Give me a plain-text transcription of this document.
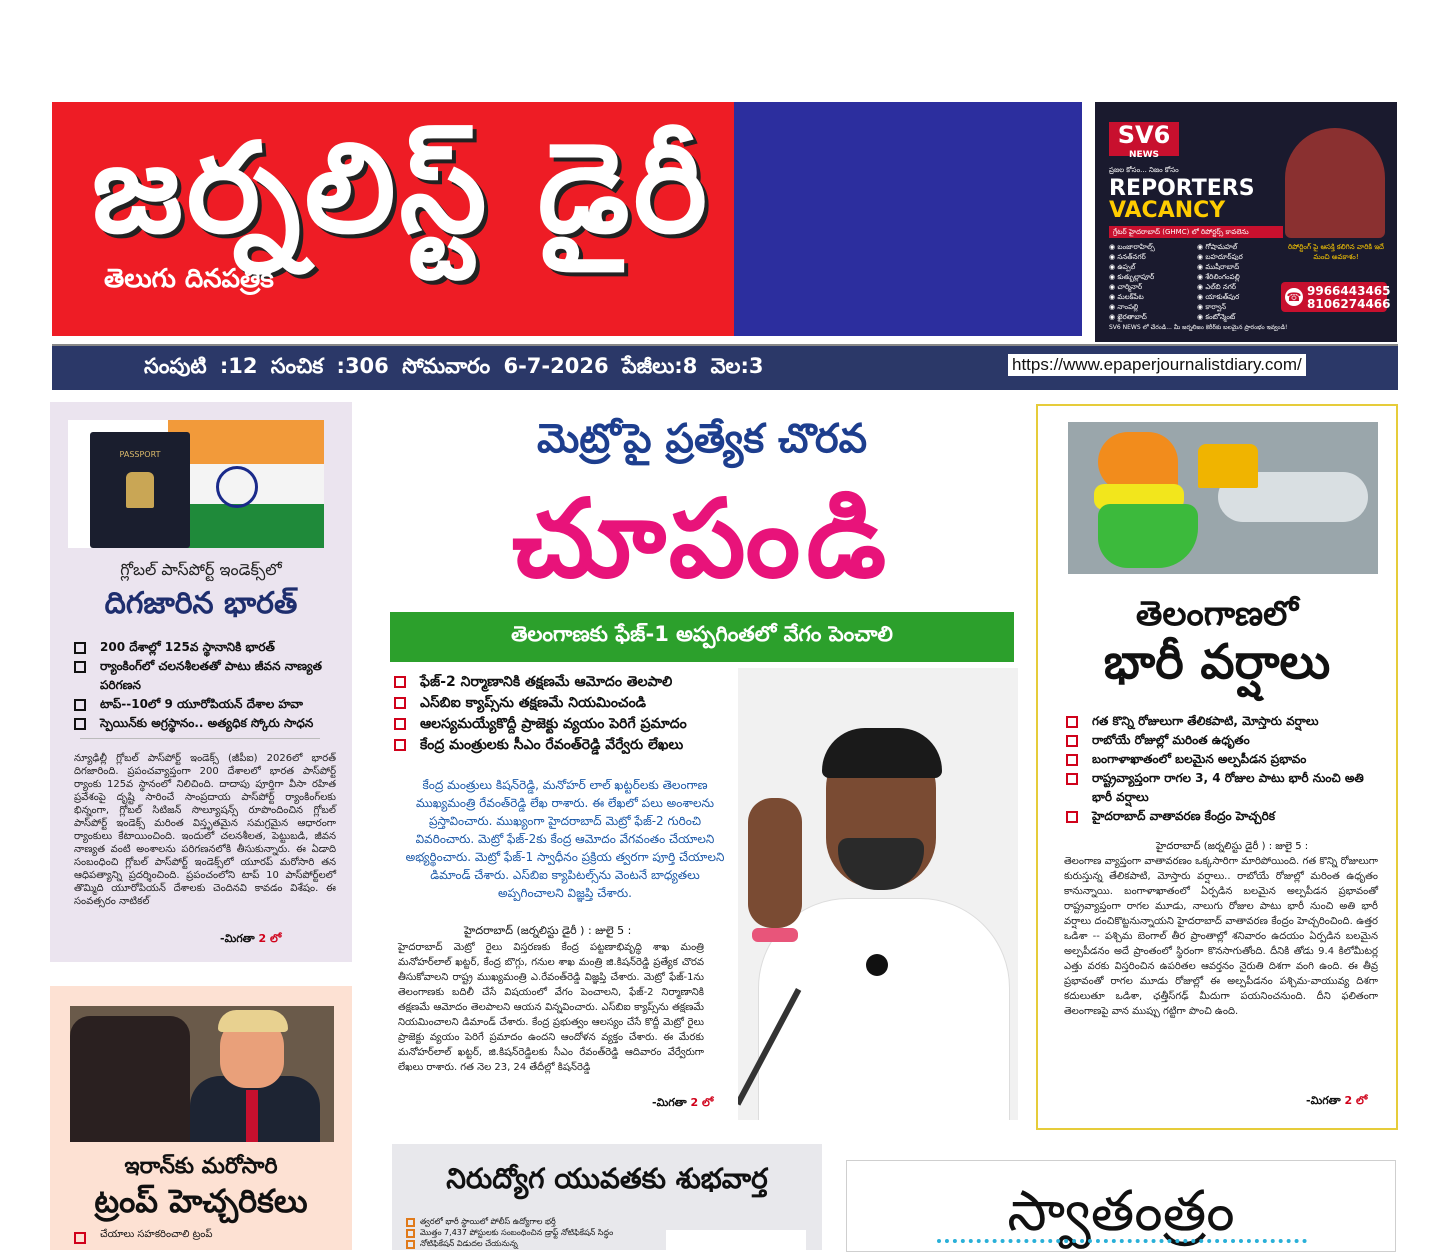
జర్నలిస్ట్ డైరీ
తెలుగు దినపత్రిక
SV6
NEWS
ప్రజల కోసం... నిజం కోసం
REPORTERS
VACANCY
గ్రేటర్ హైదరాబాద్ (GHMC) లో రిపోర్టర్స్ కావలెను
◉ బంజారాహిల్స్	◉ గోషామహల్◉ సనత్‌నగర్	◉ బహదూర్‌పుర◉ ఉప్పల్	◉ ముషీరాబాద్◉ కుత్బుల్లాపూర్	◉ శేరిలింగంపల్లి◉ చార్మినార్	◉ ఎల్‌బి నగర్◉ మలక్‌పేట	◉ యాకుత్‌పుర◉ నాంపల్లి	◉ కార్వాన్◉ ఖైరతాబాద్	◉ కంటోన్మెంట్
రిపోర్టింగ్ పై ఆసక్తి కలిగిన వారికి ఇదే మంచి అవకాశం!
☎ 9966443465
8106274466
SV6 NEWS లో చేరండి... మీ జర్నలిజం కెరీర్‌కు బలమైన ప్రారంభం ఇవ్వండి!
సంపుటి :12 సంచిక :306 సోమవారం 6-7-2026 పేజీలు:8 వెల:3	https://www.epaperjournalistdiary.com/
PASSPORT
గ్లోబల్ పాస్‌పోర్ట్ ఇండెక్స్‌లో
దిగజారిన భారత్
200 దేశాల్లో 125వ స్థానానికి భారత్
ర్యాంకింగ్‌లో చలనశీలతతో పాటు జీవన నాణ్యత పరిగణన
టాప్--10లో 9 యూరోపియన్ దేశాల హవా
స్పెయిన్‌కు అగ్రస్థానం.. అత్యధిక స్కోరు సాధన
న్యూఢిల్లీ గ్లోబల్ పాస్‌పోర్ట్ ఇండెక్స్ (జీపీఐ) 2026లో భారత్ దిగజారింది. ప్రపంచవ్యాప్తంగా 200 దేశాలలో భారత పాస్‌పోర్ట్ ర్యాంకు 125వ స్థానంలో నిలిచింది. దాదాపు పూర్తిగా వీసా రహిత ప్రవేశంపై దృష్టి సారించే సాంప్రదాయ పాస్‌పోర్ట్ ర్యాంకింగ్‌లకు భిన్నంగా, గ్లోబల్ సిటిజన్ సొల్యూషన్స్ రూపొందించిన గ్లోబల్ పాస్‌పోర్ట్ ఇండెక్స్ మరింత విస్తృతమైన సమగ్రమైన ఆధారంగా ర్యాంకులు కేటాయించింది. ఇందులో చలనశీలత, పెట్టుబడి, జీవన నాణ్యత వంటి అంశాలను పరిగణనలోకి తీసుకున్నారు. ఈ ఏడాది సంబంధించి గ్లోబల్ పాస్‌పోర్ట్ ఇండెక్స్‌లో యూరప్ మరోసారి తన ఆధిపత్యాన్ని ప్రదర్శించింది. ప్రపంచంలోని టాప్ 10 పాస్‌పోర్ట్‌లలో తొమ్మిది యూరోపియన్ దేశాలకు చెందినవి కావడం విశేషం. ఈ సంవత్సరం నాటికల్
-మిగతా 2 లో
ఇరాన్‌కు మరోసారి
ట్రంప్ హెచ్చరికలు
చేయాలు సహకరించాలి ట్రంప్
మెట్రోపై ప్రత్యేక చొరవ
చూపండి
తెలంగాణకు ఫేజ్-1 అప్పగింతలో వేగం పెంచాలి
ఫేజ్-2 నిర్మాణానికి తక్షణమే ఆమోదం తెలపాలి
ఎస్‌బిఐ క్యాప్స్‌ను తక్షణమే నియమించండి
ఆలస్యమయ్యేకొద్దీ ప్రాజెక్టు వ్యయం పెరిగే ప్రమాదం
కేంద్ర మంత్రులకు సీఎం రేవంత్‌రెడ్డి వేర్వేరు లేఖలు
కేంద్ర మంత్రులు కిషన్‌రెడ్డి, మనోహర్ లాల్ ఖట్టర్‌లకు తెలంగాణ ముఖ్యమంత్రి రేవంత్‌రెడ్డి లేఖ రాశారు. ఈ లేఖలో పలు అంశాలను ప్రస్తావించారు. ముఖ్యంగా హైదరాబాద్ మెట్రో ఫేజ్-2 గురించి వివరించారు. మెట్రో ఫేజ్-2కు కేంద్ర ఆమోదం వేగవంతం చేయాలని అభ్యర్థించారు. మెట్రో ఫేజ్-1 స్వాధీనం ప్రక్రియ త్వరగా పూర్తి చేయాలని డిమాండ్ చేశారు. ఎస్‌బిఐ క్యాపిటల్స్‌ను వెంటనే బాధ్యతలు అప్పగించాలని విజ్ఞప్తి చేశారు.
హైదరాబాద్ (జర్నలిస్టు డైరీ ) : జులై 5 :
హైదరాబాద్ మెట్రో రైలు విస్తరణకు కేంద్ర పట్టణాభివృద్ధి శాఖ మంత్రి మనోహర్‌లాల్ ఖట్టర్, కేంద్ర బొగ్గు, గనుల శాఖ మంత్రి జి.కిషన్‌రెడ్డి ప్రత్యేక చొరవ తీసుకోవాలని రాష్ట్ర ముఖ్యమంత్రి ఎ.రేవంత్‌రెడ్డి విజ్ఞప్తి చేశారు. మెట్రో ఫేజ్-1ను తెలంగాణకు బదిలీ చేసే విషయంలో వేగం పెంచాలని, ఫేజ్-2 నిర్మాణానికి తక్షణమే ఆమోదం తెలపాలని ఆయన విన్నవించారు. ఎస్‌బిఐ క్యాప్స్‌ను తక్షణమే నియమించాలని డిమాండ్ చేశారు. కేంద్ర ప్రభుత్వం ఆలస్యం చేసే కొద్దీ మెట్రో రైలు ప్రాజెక్టు వ్యయం పెరిగే ప్రమాదం ఉందని ఆందోళన వ్యక్తం చేశారు. ఈ మేరకు మనోహర్‌లాల్ ఖట్టర్, జి.కిషన్‌రెడ్డిలకు సీఎం రేవంత్‌రెడ్డి ఆదివారం వేర్వేరుగా లేఖలు రాశారు. గత నెల 23, 24 తేదీల్లో కిషన్‌రెడ్డి
-మిగతా 2 లో
నిరుద్యోగ యువతకు శుభవార్త
త్వరలో భారీ స్థాయిలో పోలీస్ ఉద్యోగాల భర్తీ
మొత్తం 7,437 పోస్టులకు సంబంధించిన డ్రాఫ్ట్ నోటిఫికేషన్ సిద్ధం
నోటిఫికేషన్ విడుదల చేయనున్న
తెలంగాణలో
భారీ వర్షాలు
గత కొన్ని రోజులుగా తేలికపాటి, మోస్తారు వర్షాలు
రాబోయే రోజుల్లో మరింత ఉధృతం
బంగాళాఖాతంలో బలమైన అల్పపీడన ప్రభావం
రాష్ట్రవ్యాప్తంగా రాగల 3, 4 రోజుల పాటు భారీ నుంచి అతి భారీ వర్షాలు
హైదరాబాద్ వాతావరణ కేంద్రం హెచ్చరిక
హైదరాబాద్ (జర్నలిస్టు డైరీ ) : జులై 5 :
తెలంగాణ వ్యాప్తంగా వాతావరణం ఒక్కసారిగా మారిపోయింది. గత కొన్ని రోజులుగా కురుస్తున్న తేలికపాటి, మోస్తారు వర్షాలు.. రాబోయే రోజుల్లో మరింత ఉధృతం కానున్నాయి. బంగాళాఖాతంలో ఏర్పడిన బలమైన అల్పపీడన ప్రభావంతో రాష్ట్రవ్యాప్తంగా రాగల మూడు, నాలుగు రోజుల పాటు భారీ నుంచి అతి భారీ వర్షాలు దంచికొట్టనున్నాయని హైదరాబాద్ వాతావరణ కేంద్రం హెచ్చరించింది. ఉత్తర ఒడిశా -- పశ్చిమ బెంగాల్ తీర ప్రాంతాల్లో శనివారం ఉదయం ఏర్పడిన బలమైన అల్పపీడనం అదే ప్రాంతంలో స్థిరంగా కొనసాగుతోంది. దీనికి తోడు 9.4 కిలోమీటర్ల ఎత్తు వరకు విస్తరించిన ఉపరితల ఆవర్తనం నైరుతి దిశగా వంగి ఉంది. ఈ తీవ్ర ప్రభావంతో రాగల మూడు రోజుల్లో ఈ అల్పపీడనం పశ్చిమ-వాయువ్య దిశగా కదులుతూ ఒడిశా, ఛత్తీస్‌గఢ్ మీదుగా పయనించనుంది. దీని ఫలితంగా తెలంగాణపై వాన ముప్పు గట్టిగా పొంచి ఉంది.
-మిగతా 2 లో
స్వాతంత్రం
